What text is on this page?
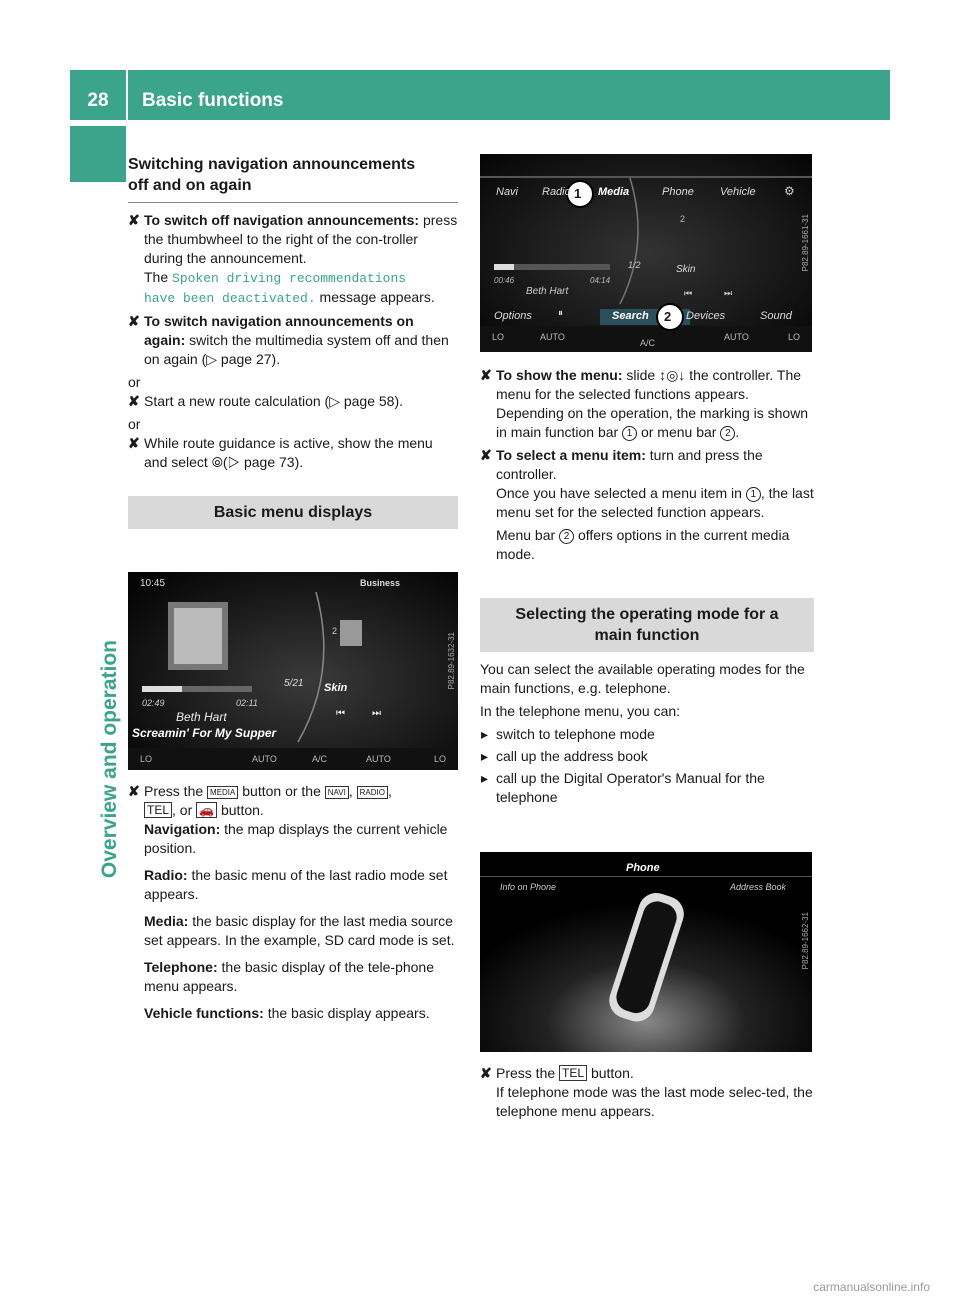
28	Basic functions
Overview and operation

Switching navigation announcements
off and on again

✘ To switch off navigation announcements: press the thumbwheel to the right of the con-troller during the announcement.
The Spoken driving recommendations
have been deactivated. message appears.
✘ To switch navigation announcements on again: switch the multimedia system off and then on again (▷ page 27).

or

✘ Start a new route calculation (▷ page 58).

or

✘ While route guidance is active, show the menu and select ⦾(▷ page 73).
Basic menu displays
10:45	Business
2
5/21 Skin
02:49	02:11
⏮	⏭
Beth Hart
Screamin' For My Supper
LO	AUTO	A/C	AUTO	LO
P82.89-1632-31
✘ Press the MEDIA button or the NAVI , RADIO ,
TEL , or 🚗 button.
Navigation: the map displays the current vehicle position.
Radio: the basic menu of the last radio mode set appears.
Media: the basic display for the last media source set appears. In the example, SD card mode is set.
Telephone: the basic display of the tele-phone menu appears.
Vehicle functions: the basic display appears.
1
2
Navi Radio Media	Phone Vehicle ⚙
2
1/2	Skin
00:46	04:14
⏮	⏭
Beth Hart
Options	⏸	Search	Devices	Sound
LO	AUTO
A/C
AUTO	LO
P82.89-1661-31
✘ To show the menu: slide ↕◎↓ the controller. The menu for the selected functions appears. Depending on the operation, the marking is shown in main function bar 1 or menu bar 2 .
✘ To select a menu item: turn and press the controller.
Once you have selected a menu item in 1 , the last menu set for the selected function appears.
Menu bar 2 offers options in the current media mode.
Selecting the operating mode for a
main function

You can select the available operating modes for the main functions, e.g. telephone.

In the telephone menu, you can:

▸ switch to telephone mode
▸ call up the address book
▸ call up the Digital Operator's Manual for the telephone
Phone
Info on Phone	Address Book
P82.89-1662-31
✘ Press the TEL button.
If telephone mode was the last mode selec-ted, the telephone menu appears.
carmanualsonline.info
